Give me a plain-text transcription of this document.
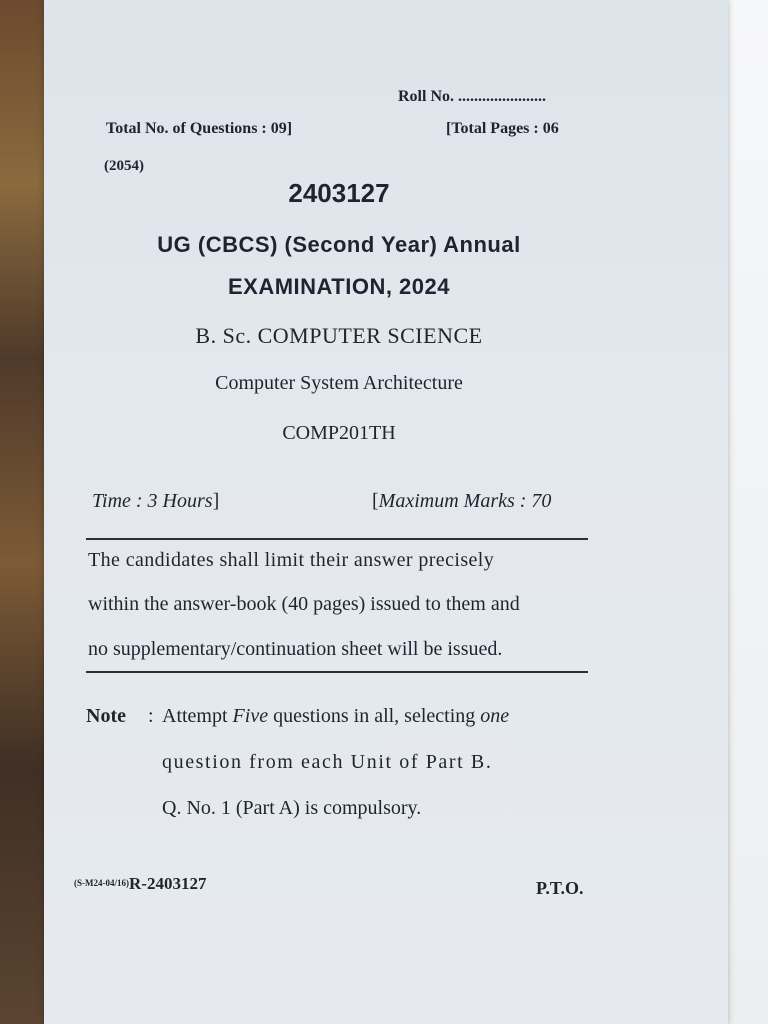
Roll No. ......................
Total No. of Questions : 09]	[Total Pages : 06
(2054)
2403127
UG (CBCS) (Second Year) Annual
EXAMINATION, 2024
B. Sc. COMPUTER SCIENCE
Computer System Architecture
COMP201TH
Time : 3 Hours]	[Maximum Marks : 70
The candidates shall limit their answer precisely
within the answer-book (40 pages) issued to them and
no supplementary/continuation sheet will be issued.
Note : Attempt Five questions in all, selecting one
question from each Unit of Part B.
Q. No. 1 (Part A) is compulsory.
(S-M24-04/16)R-2403127	P.T.O.
